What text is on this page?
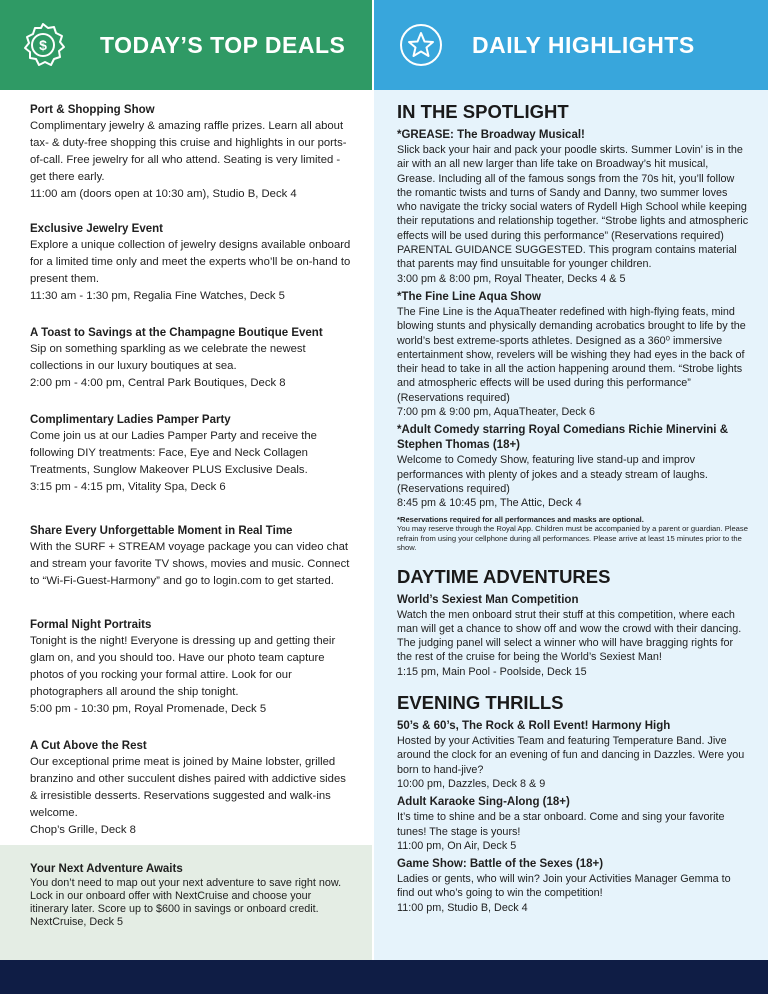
$ TODAY’S TOP DEALS	DAILY HIGHLIGHTS
Port & Shopping Show

Complimentary jewelry & amazing raffle prizes. Learn all about tax- & duty-free shopping this cruise and highlights in our ports-of-call. Free jewelry for all who attend. Seating is very limited - get there early.

11:00 am (doors open at 10:30 am), Studio B, Deck 4
Exclusive Jewelry Event

Explore a unique collection of jewelry designs available onboard for a limited time only and meet the experts who’ll be on-hand to present them.

11:30 am - 1:30 pm, Regalia Fine Watches, Deck 5
A Toast to Savings at the Champagne Boutique Event

Sip on something sparkling as we celebrate the newest collections in our luxury boutiques at sea.

2:00 pm - 4:00 pm, Central Park Boutiques, Deck 8
Complimentary Ladies Pamper Party

Come join us at our Ladies Pamper Party and receive the following DIY treatments: Face, Eye and Neck Collagen Treatments, Sunglow Makeover PLUS Exclusive Deals.

3:15 pm - 4:15 pm, Vitality Spa, Deck 6
Share Every Unforgettable Moment in Real Time

With the SURF + STREAM voyage package you can video chat and stream your favorite TV shows, movies and music. Connect to “Wi-Fi-Guest-Harmony” and go to login.com to get started.

Formal Night Portraits

Tonight is the night! Everyone is dressing up and getting their glam on, and you should too. Have our photo team capture photos of you rocking your formal attire. Look for our photographers all around the ship tonight.

5:00 pm - 10:30 pm, Royal Promenade, Deck 5
A Cut Above the Rest

Our exceptional prime meat is joined by Maine lobster, grilled branzino and other succulent dishes paired with addictive sides & irresistible desserts. Reservations suggested and walk-ins welcome.

Chop’s Grille, Deck 8
Your Next Adventure Awaits

You don’t need to map out your next adventure to save right now. Lock in our onboard offer with NextCruise and choose your itinerary later. Score up to $600 in savings or onboard credit.

NextCruise, Deck 5

IN THE SPOTLIGHT
*GREASE: The Broadway Musical!

Slick back your hair and pack your poodle skirts. Summer Lovin’ is in the air with an all new larger than life take on Broadway’s hit musical, Grease. Including all of the famous songs from the 70s hit, you’ll follow the romantic twists and turns of Sandy and Danny, two summer loves who navigate the tricky social waters of Rydell High School while keeping their reputations and relationship together. “Strobe lights and atmospheric effects will be used during this performance” (Reservations required)

PARENTAL GUIDANCE SUGGESTED. This program contains material that parents may find unsuitable for younger children.

3:00 pm & 8:00 pm, Royal Theater, Decks 4 & 5

*The Fine Line Aqua Show

The Fine Line is the AquaTheater redefined with high-flying feats, mind blowing stunts and physically demanding acrobatics brought to life by the world’s best extreme-sports athletes. Designed as a 360⁰ immersive entertainment show, revelers will be wishing they had eyes in the back of their head to take in all the action happening around them. “Strobe lights and atmospheric effects will be used during this performance” (Reservations required)

7:00 pm & 9:00 pm, AquaTheater, Deck 6

*Adult Comedy starring Royal Comedians Richie Minervini & Stephen Thomas (18+)

Welcome to Comedy Show, featuring live stand-up and improv performances with plenty of jokes and a steady stream of laughs. (Reservations required)

8:45 pm & 10:45 pm, The Attic, Deck 4

*Reservations required for all performances and masks are optional.
You may reserve through the Royal App. Children must be accompanied by a parent or guardian. Please refrain from using your cellphone during all performances. Please arrive at least 15 minutes prior to the show.
DAYTIME ADVENTURES
World’s Sexiest Man Competition

Watch the men onboard strut their stuff at this competition, where each man will get a chance to show off and wow the crowd with their dancing. The judging panel will select a winner who will have bragging rights for the rest of the cruise for being the World’s Sexiest Man!

1:15 pm, Main Pool - Poolside, Deck 15

EVENING THRILLS
50’s & 60’s, The Rock & Roll Event! Harmony High

Hosted by your Activities Team and featuring Temperature Band. Jive around the clock for an evening of fun and dancing in Dazzles. Were you born to hand-jive?

10:00 pm, Dazzles, Deck 8 & 9

Adult Karaoke Sing-Along (18+)

It’s time to shine and be a star onboard. Come and sing your favorite tunes! The stage is yours!

11:00 pm, On Air, Deck 5

Game Show: Battle of the Sexes (18+)

Ladies or gents, who will win? Join your Activities Manager Gemma to find out who’s going to win the competition!

11:00 pm, Studio B, Deck 4
